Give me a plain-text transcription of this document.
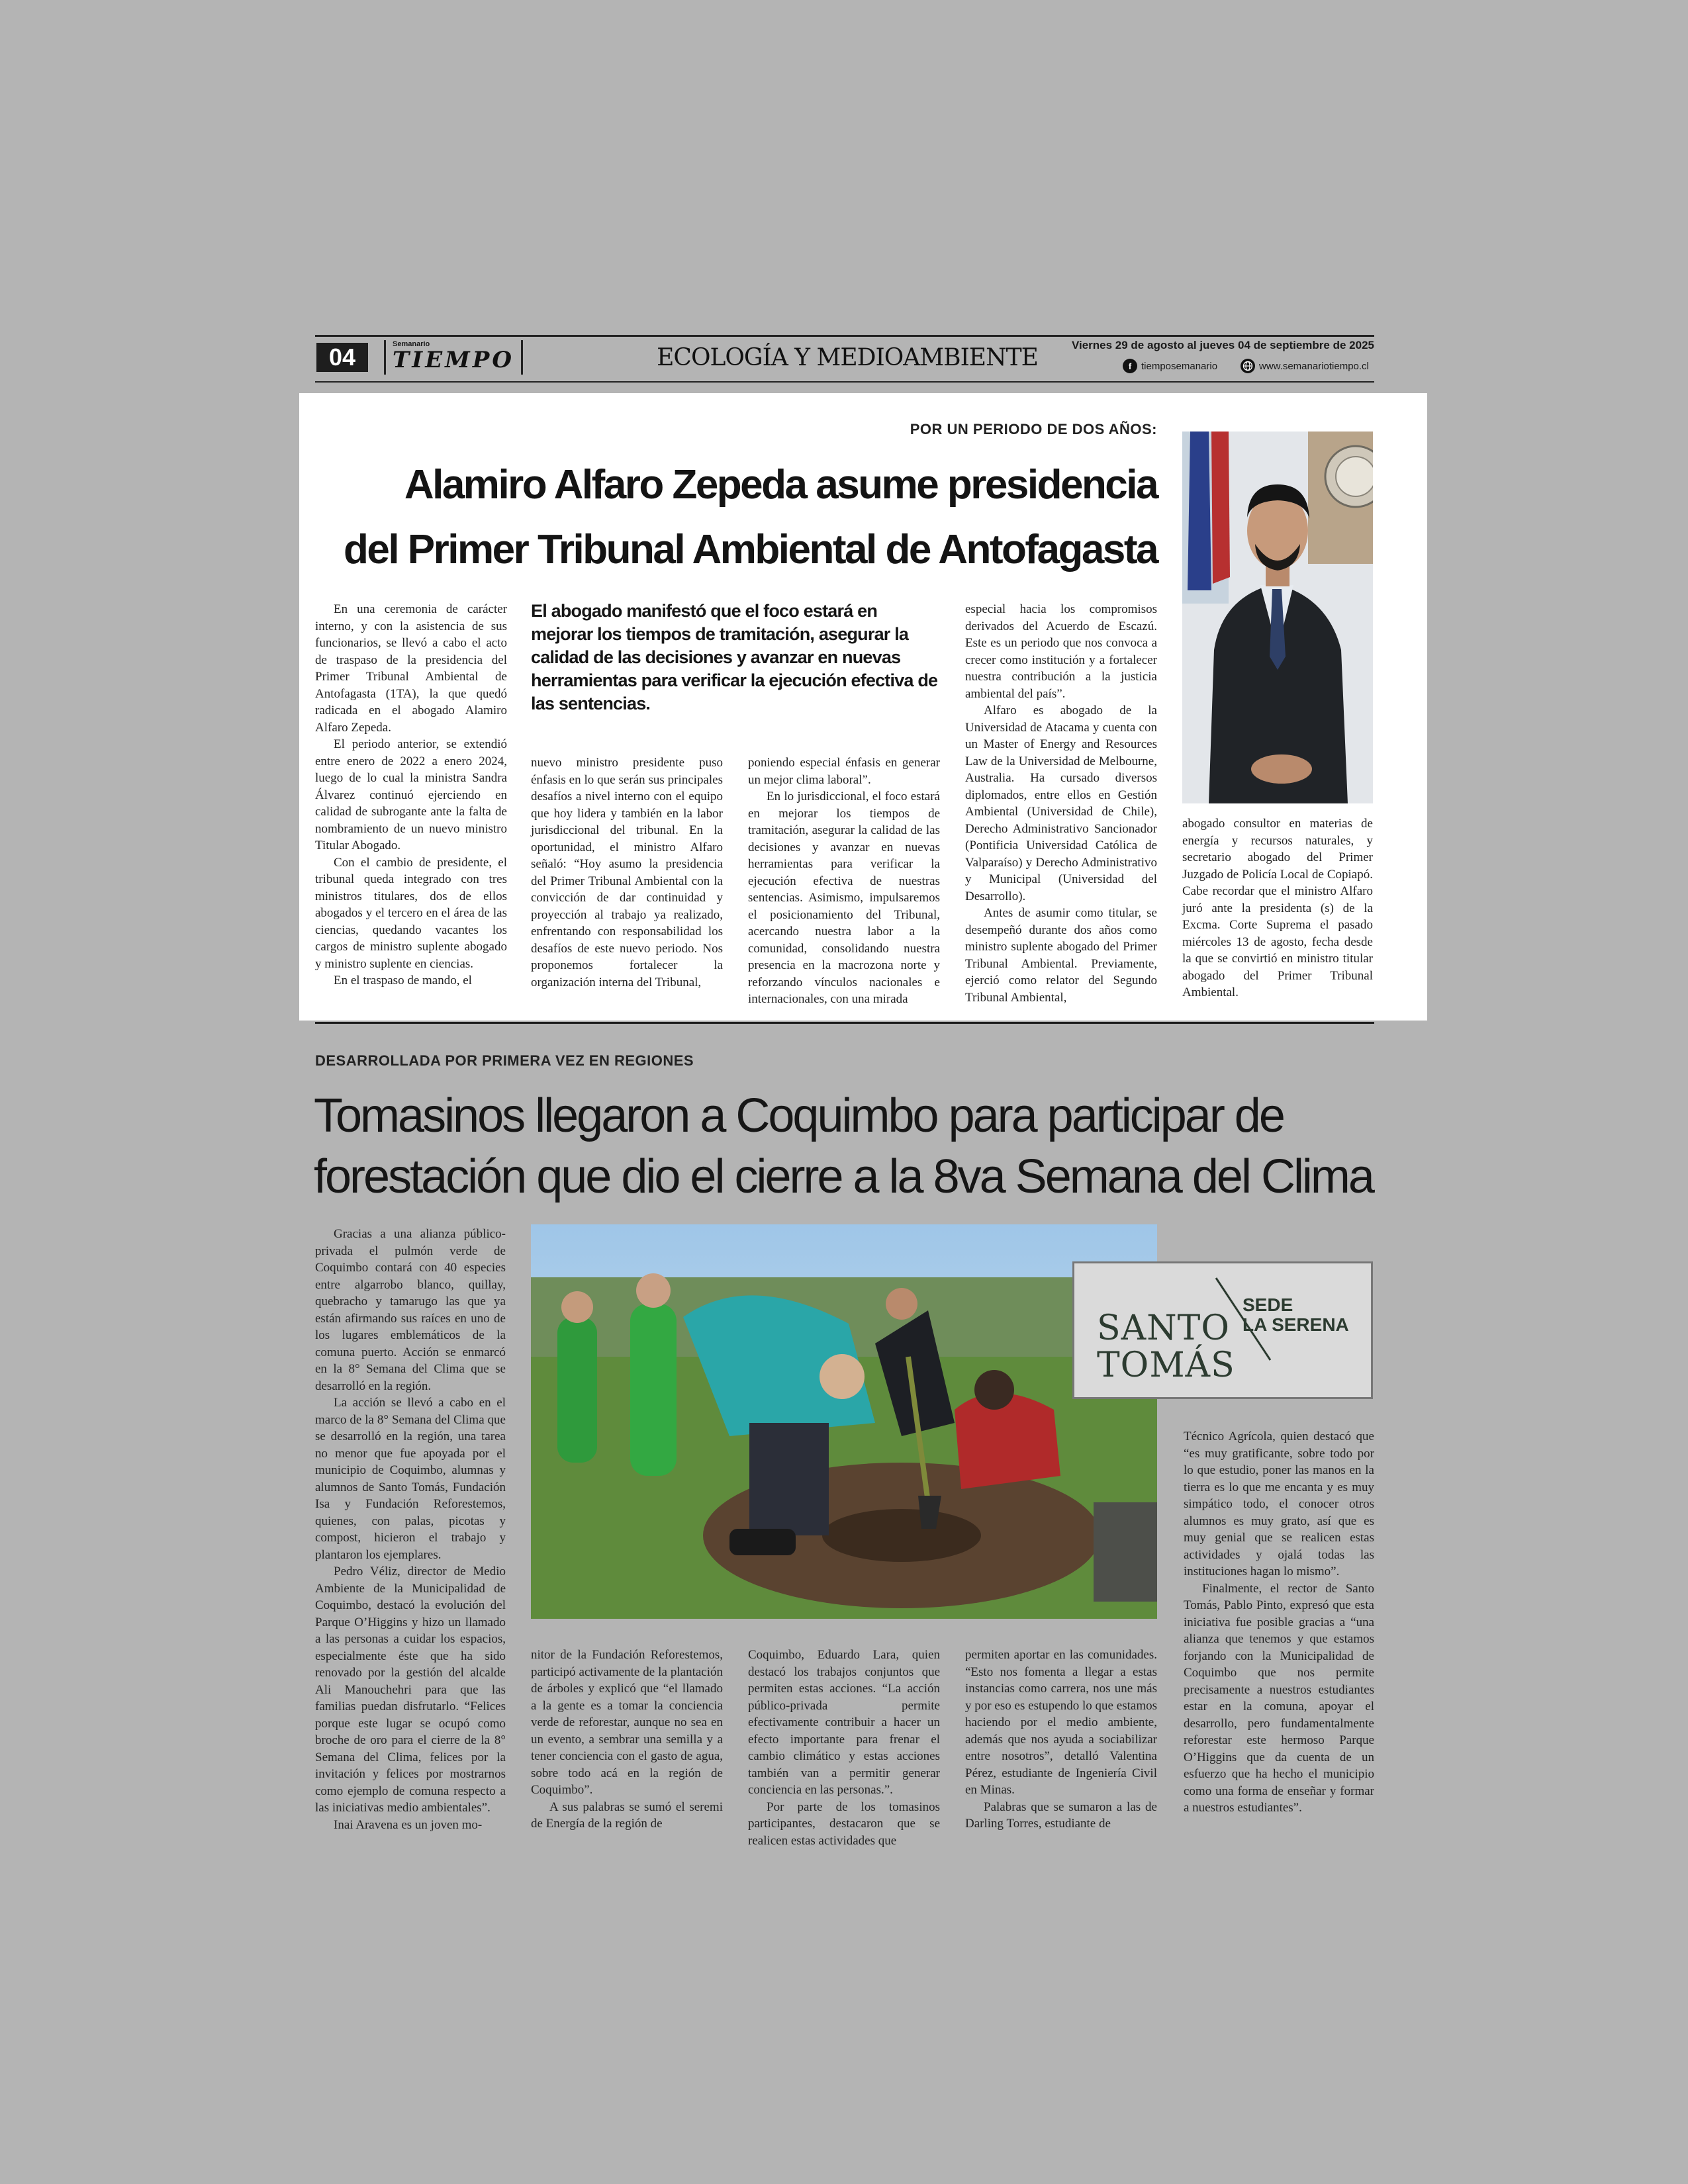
04	Semanario
TIEMPO	ECOLOGÍA Y MEDIOAMBIENTE	Viernes 29 de agosto al jueves 04 de septiembre de 2025
f tiemposemanario	www.semanariotiempo.cl
POR UN PERIODO DE DOS AÑOS:
Alamiro Alfaro Zepeda asume presidencia
del Primer Tribunal Ambiental de Antofagasta

En una ceremonia de carácter interno, y con la asistencia de sus funcionarios, se llevó a cabo el acto de traspaso de la presidencia del Primer Tribunal Ambiental de Antofagasta (1TA), la que quedó radicada en el abogado Alamiro Alfaro Zepeda.

El periodo anterior, se extendió entre enero de 2022 a enero 2024, luego de lo cual la ministra Sandra Álvarez continuó ejerciendo en calidad de subrogante ante la falta de nombramiento de un nuevo ministro Titular Abogado.

Con el cambio de presidente, el tribunal queda integrado con tres ministros titulares, dos de ellos abogados y el tercero en el área de las ciencias, quedando vacantes los cargos de ministro suplente abogado y ministro suplente en ciencias.

En el traspaso de mando, el

El abogado manifestó que el foco estará en mejorar los tiempos de tramitación, asegurar la calidad de las decisiones y avanzar en nuevas herramientas para verificar la ejecución efectiva de las sentencias.

nuevo ministro presidente puso énfasis en lo que serán sus principales desafíos a nivel interno con el equipo que hoy lidera y también en la labor jurisdiccional del tribunal. En la oportunidad, el ministro Alfaro señaló: “Hoy asumo la presidencia del Primer Tribunal Ambiental con la convicción de dar continuidad y proyección al trabajo ya realizado, enfrentando con responsabilidad los desafíos de este nuevo periodo. Nos proponemos fortalecer la organización interna del Tribunal,

poniendo especial énfasis en generar un mejor clima laboral”.

En lo jurisdiccional, el foco estará en mejorar los tiempos de tramitación, asegurar la calidad de las decisiones y avanzar en nuevas herramientas para verificar la ejecución efectiva de nuestras sentencias. Asimismo, impulsaremos el posicionamiento del Tribunal, acercando nuestra labor a la comunidad, consolidando nuestra presencia en la macrozona norte y reforzando vínculos nacionales e internacionales, con una mirada

especial hacia los compromisos derivados del Acuerdo de Escazú. Este es un periodo que nos convoca a crecer como institución y a fortalecer nuestra contribución a la justicia ambiental del país”.

Alfaro es abogado de la Universidad de Atacama y cuenta con un Master of Energy and Resources Law de la Universidad de Melbourne, Australia. Ha cursado diversos diplomados, entre ellos en Gestión Ambiental (Universidad de Chile), Derecho Administrativo Sancionador (Pontificia Universidad Católica de Valparaíso) y Derecho Administrativo y Municipal (Universidad del Desarrollo).

Antes de asumir como titular, se desempeñó durante dos años como ministro suplente abogado del Primer Tribunal Ambiental. Previamente, ejerció como relator del Segundo Tribunal Ambiental,

abogado consultor en materias de energía y recursos naturales, y secretario abogado del Primer Juzgado de Policía Local de Copiapó. Cabe recordar que el ministro Alfaro juró ante la presidenta (s) de la Excma. Corte Suprema el pasado miércoles 13 de agosto, fecha desde la que se convirtió en ministro titular abogado del Primer Tribunal Ambiental.

DESARROLLADA POR PRIMERA VEZ EN REGIONES
Tomasinos llegaron a Coquimbo para participar de
forestación que dio el cierre a la 8va Semana del Clima

Gracias a una alianza público-privada el pulmón verde de Coquimbo contará con 40 especies entre algarrobo blanco, quillay, quebracho y tamarugo las que ya están afirmando sus raíces en uno de los lugares emblemáticos de la comuna puerto. Acción se enmarcó en la 8° Semana del Clima que se desarrolló en la región.

La acción se llevó a cabo en el marco de la 8° Semana del Clima que se desarrolló en la región, una tarea no menor que fue apoyada por el municipio de Coquimbo, alumnas y alumnos de Santo Tomás, Fundación Isa y Fundación Reforestemos, quienes, con palas, picotas y compost, hicieron el trabajo y plantaron los ejemplares.

Pedro Véliz, director de Medio Ambiente de la Municipalidad de Coquimbo, destacó la evolución del Parque O’Higgins y hizo un llamado a las personas a cuidar los espacios, especialmente éste que ha sido renovado por la gestión del alcalde Ali Manouchehri para que las familias puedan disfrutarlo. “Felices porque este lugar se ocupó como broche de oro para el cierre de la 8° Semana del Clima, felices por la invitación y felices por mostrarnos como ejemplo de comuna respecto a las iniciativas medio ambientales”.

Inai Aravena es un joven mo-

SANTO
TOMÁS
SEDE
LA SERENA

nitor de la Fundación Reforestemos, participó activamente de la plantación de árboles y explicó que “el llamado a la gente es a tomar la conciencia verde de reforestar, aunque no sea en un evento, a sembrar una semilla y a tener conciencia con el gasto de agua, sobre todo acá en la región de Coquimbo”.

A sus palabras se sumó el seremi de Energía de la región de

Coquimbo, Eduardo Lara, quien destacó los trabajos conjuntos que permiten estas acciones. “La acción público-privada permite efectivamente contribuir a hacer un efecto importante para frenar el cambio climático y estas acciones también van a permitir generar conciencia en las personas.”.

Por parte de los tomasinos participantes, destacaron que se realicen estas actividades que

permiten aportar en las comunidades. “Esto nos fomenta a llegar a estas instancias como carrera, nos une más y por eso es estupendo lo que estamos haciendo por el medio ambiente, además que nos ayuda a sociabilizar entre nosotros”, detalló Valentina Pérez, estudiante de Ingeniería Civil en Minas.

Palabras que se sumaron a las de Darling Torres, estudiante de

Técnico Agrícola, quien destacó que “es muy gratificante, sobre todo por lo que estudio, poner las manos en la tierra es lo que me encanta y es muy simpático todo, el conocer otros alumnos es muy grato, así que es muy genial que se realicen estas actividades y ojalá todas las instituciones hagan lo mismo”.

Finalmente, el rector de Santo Tomás, Pablo Pinto, expresó que esta iniciativa fue posible gracias a “una alianza que tenemos y que estamos forjando con la Municipalidad de Coquimbo que nos permite precisamente a nuestros estudiantes estar en la comuna, apoyar el desarrollo, pero fundamentalmente reforestar este hermoso Parque O’Higgins que da cuenta de un esfuerzo que ha hecho el municipio como una forma de enseñar y formar a nuestros estudiantes”.
